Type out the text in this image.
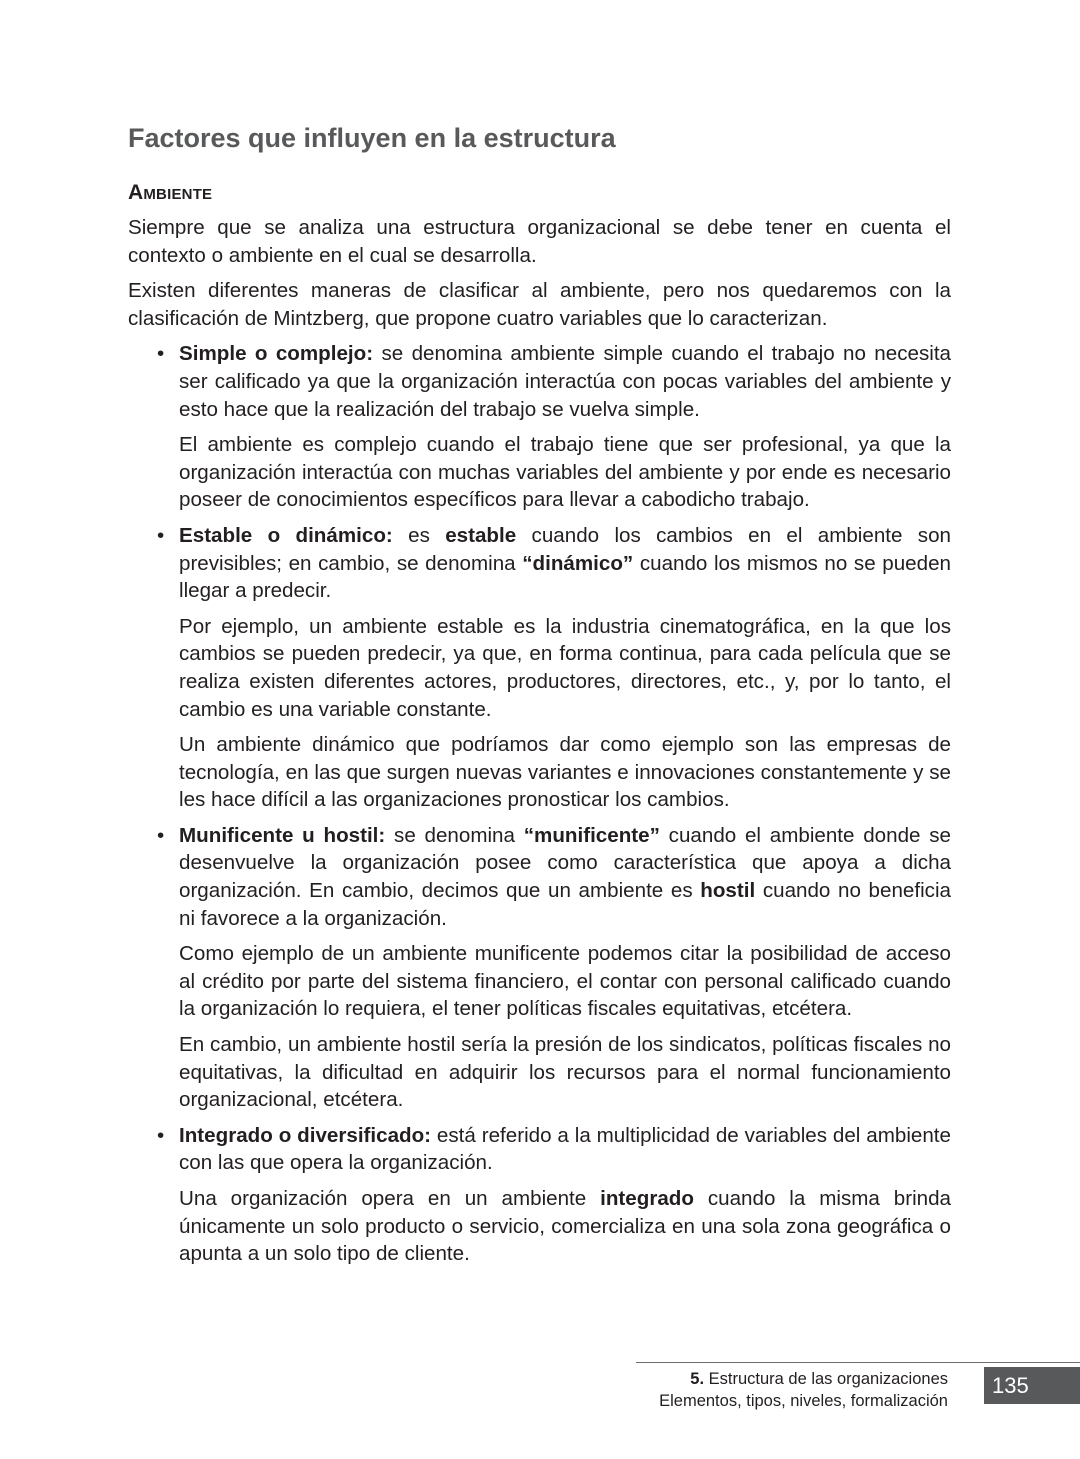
Factores que influyen en la estructura
Ambiente

Siempre que se analiza una estructura organizacional se debe tener en cuenta el contexto o ambiente en el cual se desarrolla.

Existen diferentes maneras de clasificar al ambiente, pero nos quedaremos con la clasificación de Mintzberg, que propone cuatro variables que lo caracterizan.

• Simple o complejo: se denomina ambiente simple cuando el trabajo no necesita ser calificado ya que la organización interactúa con pocas variables del ambiente y esto hace que la realización del trabajo se vuelva simple.

El ambiente es complejo cuando el trabajo tiene que ser profesional, ya que la organización interactúa con muchas variables del ambiente y por ende es necesario poseer de conocimientos específicos para llevar a cabodicho trabajo.

• Estable o dinámico: es estable cuando los cambios en el ambiente son previsibles; en cambio, se denomina “dinámico” cuando los mismos no se pueden llegar a predecir.

Por ejemplo, un ambiente estable es la industria cinematográfica, en la que los cambios se pueden predecir, ya que, en forma continua, para cada película que se realiza existen diferentes actores, productores, directores, etc., y, por lo tanto, el cambio es una variable constante.

Un ambiente dinámico que podríamos dar como ejemplo son las empresas de tecnología, en las que surgen nuevas variantes e innovaciones constantemente y se les hace difícil a las organizaciones pronosticar los cambios.

• Munificente u hostil: se denomina “munificente” cuando el ambiente donde se desenvuelve la organización posee como característica que apoya a dicha organización. En cambio, decimos que un ambiente es hostil cuando no beneficia ni favorece a la organización.

Como ejemplo de un ambiente munificente podemos citar la posibilidad de acceso al crédito por parte del sistema financiero, el contar con personal calificado cuando la organización lo requiera, el tener políticas fiscales equitativas, etcétera.

En cambio, un ambiente hostil sería la presión de los sindicatos, políticas fiscales no equitativas, la dificultad en adquirir los recursos para el normal funcionamiento organizacional, etcétera.

• Integrado o diversificado: está referido a la multiplicidad de variables del ambiente con las que opera la organización.

Una organización opera en un ambiente integrado cuando la misma brinda únicamente un solo producto o servicio, comercializa en una sola zona geográfica o apunta a un solo tipo de cliente.

5. Estructura de las organizaciones
Elementos, tipos, niveles, formalización
135
